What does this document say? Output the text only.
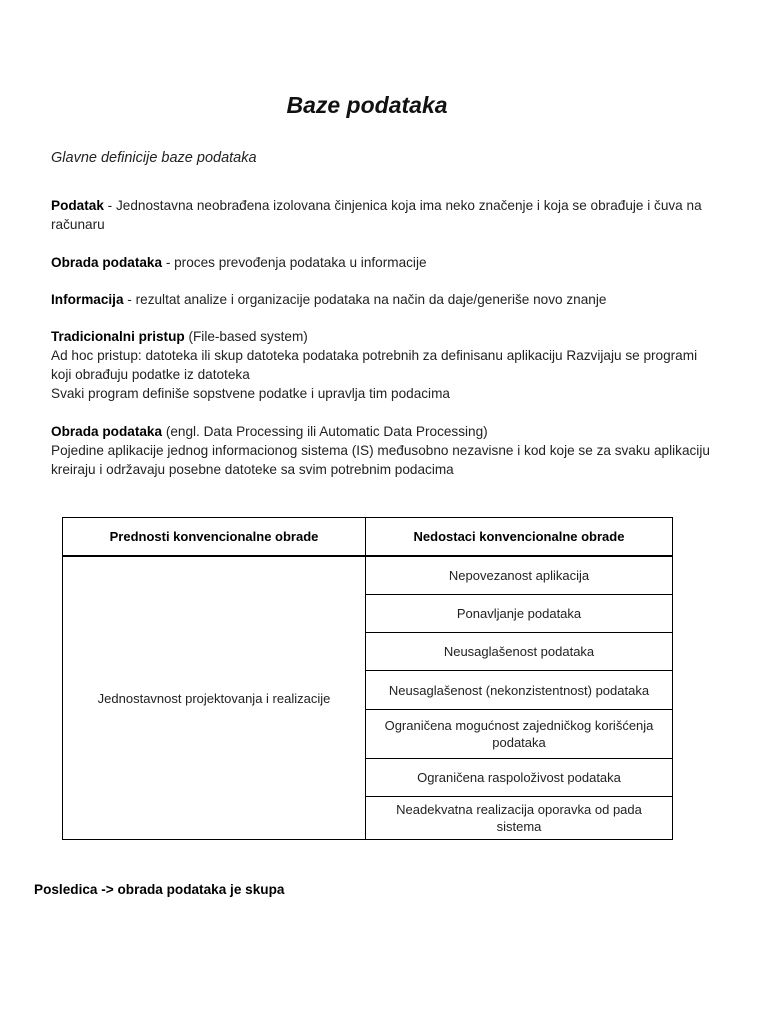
Baze podataka
Glavne definicije baze podataka
Podatak - Jednostavna neobrađena izolovana činjenica koja ima neko značenje i koja se obrađuje i čuva na računaru
Obrada podataka - proces prevođenja podataka u informacije
Informacija - rezultat analize i organizacije podataka na način da daje/generiše novo znanje
Tradicionalni pristup (File-based system)
Ad hoc pristup: datoteka ili skup datoteka podataka potrebnih za definisanu aplikaciju Razvijaju se programi koji obrađuju podatke iz datoteka
Svaki program definiše sopstvene podatke i upravlja tim podacima
Obrada podataka (engl. Data Processing ili Automatic Data Processing)
Pojedine aplikacije jednog informacionog sistema (IS) međusobno nezavisne i kod koje se za svaku aplikaciju kreiraju i održavaju posebne datoteke sa svim potrebnim podacima
Prednosti konvencionalne obrade	Nedostaci konvencionalne obrade
Jednostavnost projektovanja i realizacije	Nepovezanost aplikacija
	Ponavljanje podataka
	Neusaglašenost podataka
	Neusaglašenost (nekonzistentnost) podataka
	Ograničena mogućnost zajedničkog korišćenja podataka
	Ograničena raspoloživost podataka
	Neadekvatna realizacija oporavka od pada sistema
Posledica -> obrada podataka je skupa
